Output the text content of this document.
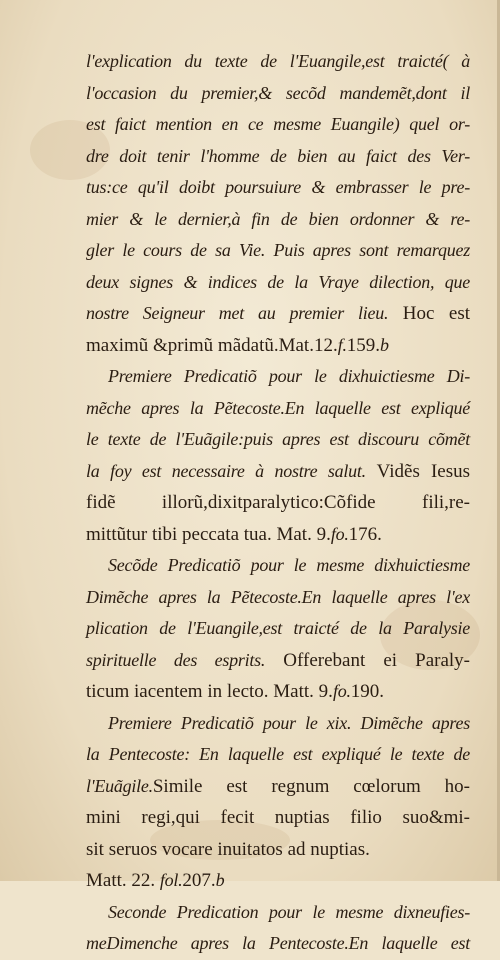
l'explication du texte de l'Euangile,est traicté( à
l'occasion du premier,& secõd mandemẽt,dont il
est faict mention en ce mesme Euangile) quel or-
dre doit tenir l'homme de bien au faict des Ver-
tus:ce qu'il doibt poursuiure & embrasser le pre-
mier & le dernier,à fin de bien ordonner & re-
gler le cours de sa Vie. Puis apres sont remarquez
deux signes & indices de la Vraye dilection, que
nostre Seigneur met au premier lieu. Hoc est
maximũ &primũ mãdatũ.Mat.12.f.159.b
Premiere Predicatiõ pour le dixhuictiesme Di-
mẽche apres la Pẽtecoste.En laquelle est expliqué
le texte de l'Euãgile:puis apres est discouru cõmẽt
la foy est necessaire à nostre salut. Vidẽs Iesus
fidẽ illorũ,dixitparalytico:Cõfide fili,re-
mittũtur tibi peccata tua. Mat. 9.fo.176.
Secõde Predicatiõ pour le mesme dixhuictiesme
Dimẽche apres la Pẽtecoste.En laquelle apres l'ex
plication de l'Euangile,est traicté de la Paralysie
spirituelle des esprits. Offerebant ei Paraly-
ticum iacentem in lecto. Matt. 9.fo.190.
Premiere Predicatiõ pour le xix. Dimẽche apres
la Pentecoste: En laquelle est expliqué le texte de
l'Euãgile.Simile est regnum cœlorum ho-
mini regi,qui fecit nuptias filio suo&mi-
sit seruos vocare inuitatos ad nuptias.
Matt. 22. fol.207.b
Seconde Predication pour le mesme dixneufies-
meDimenche apres la Pentecoste.En laquelle est
